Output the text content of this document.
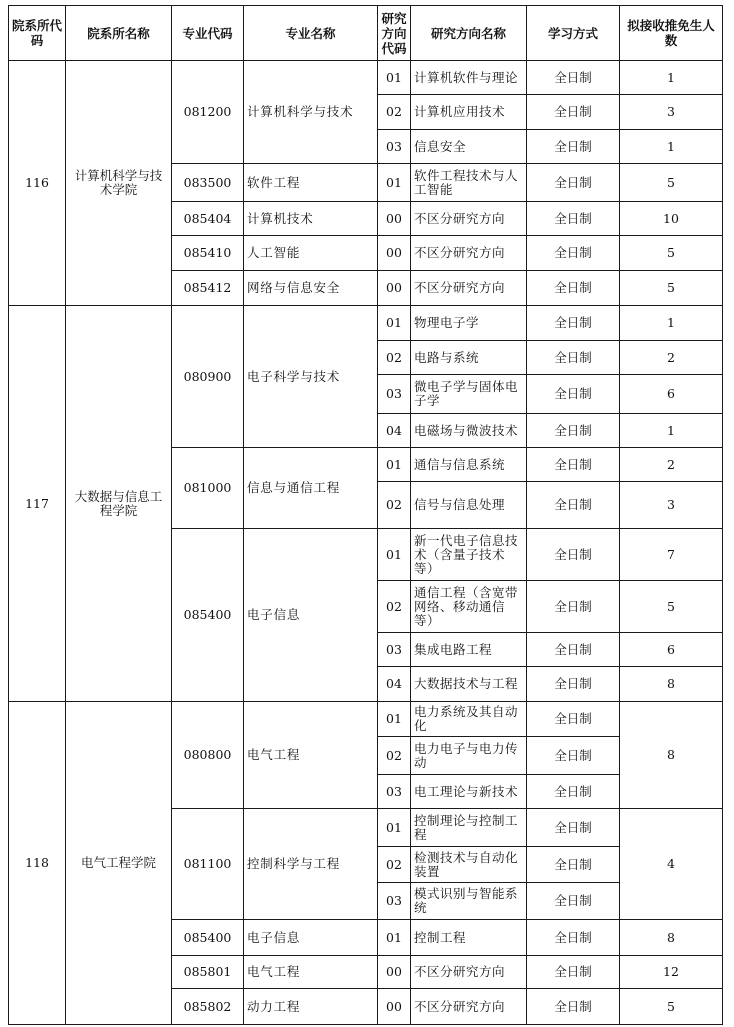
院系所代码	院系所名称	专业代码	专业名称	研究方向代码	研究方向名称	学习方式	拟接收推免生人数
116	计算机科学与技术学院	081200	计算机科学与技术	01	计算机软件与理论	全日制	1
				02	计算机应用技术	全日制	3
				03	信息安全	全日制	1
		083500	软件工程	01	软件工程技术与人工智能	全日制	5
		085404	计算机技术	00	不区分研究方向	全日制	10
		085410	人工智能	00	不区分研究方向	全日制	5
		085412	网络与信息安全	00	不区分研究方向	全日制	5
117	大数据与信息工程学院	080900	电子科学与技术	01	物理电子学	全日制	1
				02	电路与系统	全日制	2
				03	微电子学与固体电子学	全日制	6
				04	电磁场与微波技术	全日制	1
		081000	信息与通信工程	01	通信与信息系统	全日制	2
				02	信号与信息处理	全日制	3
		085400	电子信息	01	新一代电子信息技术（含量子技术等）	全日制	7
				02	通信工程（含宽带网络、移动通信等）	全日制	5
				03	集成电路工程	全日制	6
				04	大数据技术与工程	全日制	8
118	电气工程学院	080800	电气工程	01	电力系统及其自动化	全日制	8
				02	电力电子与电力传动	全日制	
				03	电工理论与新技术	全日制	
		081100	控制科学与工程	01	控制理论与控制工程	全日制	4
				02	检测技术与自动化装置	全日制	
				03	模式识别与智能系统	全日制	
		085400	电子信息	01	控制工程	全日制	8
		085801	电气工程	00	不区分研究方向	全日制	12
		085802	动力工程	00	不区分研究方向	全日制	5
